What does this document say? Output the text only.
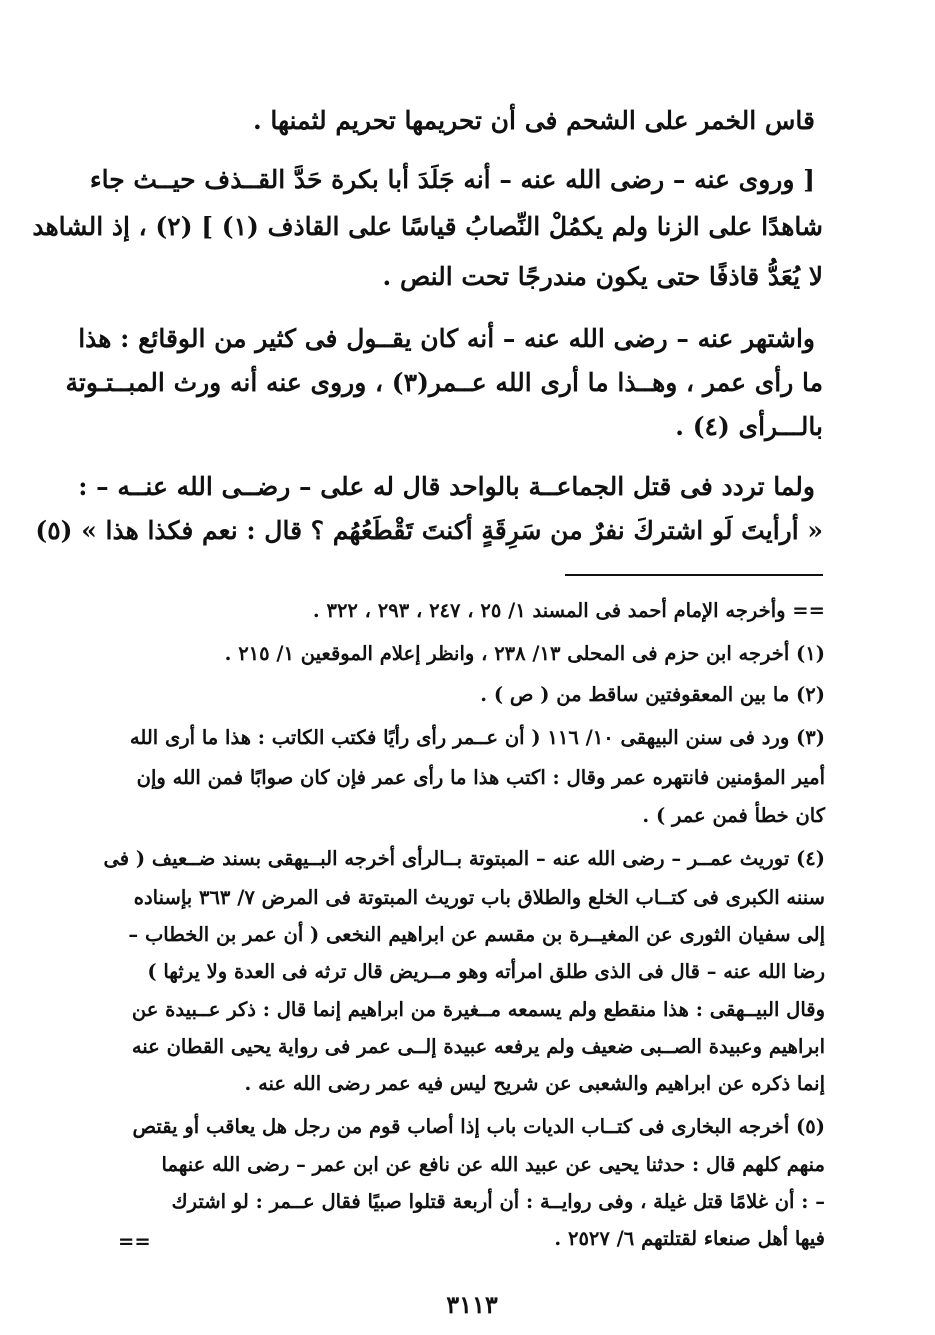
قاس الخمر على الشحم فى أن تحريمها تحريم لثمنها .
[ وروى عنه – رضى الله عنه – أنه جَلَدَ أبا بكرة حَدَّ القــذف حيــث جاء
شاهدًا على الزنا ولم يكمُلْ النِّصابُ قياسًا على القاذف (١) ] (٢) ، إذ الشاهد
لا يُعَدُّ قاذفًا حتى يكون مندرجًا تحت النص .
واشتهر عنه – رضى الله عنه – أنه كان يقــول فى كثير من الوقائع : هذا
ما رأى عمر ، وهــذا ما أرى الله عــمر(٣) ، وروى عنه أنه ورث المبــتـوتة
بالـــرأى (٤) .
ولما تردد فى قتل الجماعــة بالواحد قال له على – رضــى الله عنــه – :
« أرأيتَ لَو اشتركَ نفرٌ من سَرِقَةٍ أكنتَ تَقْطَعُهُم ؟ قال : نعم فكذا هذا » (٥)
== وأخرجه الإمام أحمد فى المسند ١/ ٢٥ ، ٢٤٧ ، ٢٩٣ ، ٣٢٢ .
(١) أخرجه ابن حزم فى المحلى ١٣/ ٢٣٨ ، وانظر إعلام الموقعين ١/ ٢١٥ .
(٢) ما بين المعقوفتين ساقط من ( ص ) .
(٣) ورد فى سنن البيهقى ١٠/ ١١٦ ( أن عــمر رأى رأيًا فكتب الكاتب : هذا ما أرى الله
أمير المؤمنين فانتهره عمر وقال : اكتب هذا ما رأى عمر فإن كان صوابًا فمن الله وإن
كان خطأ فمن عمر ) .
(٤) توريث عمــر – رضى الله عنه – المبتوتة بــالرأى أخرجه البــيهقى بسند ضــعيف ( فى
سننه الكبرى فى كتــاب الخلع والطلاق باب توريث المبتوتة فى المرض ٧/ ٣٦٣ بإسناده
إلى سفيان الثورى عن المغيــرة بن مقسم عن ابراهيم النخعى ( أن عمر بن الخطاب –
رضا الله عنه – قال فى الذى طلق امرأته وهو مــريض قال ترثه فى العدة ولا يرثها )
وقال البيــهقى : هذا منقطع ولم يسمعه مــغيرة من ابراهيم إنما قال : ذكر عــبيدة عن
ابراهيم وعبيدة الصــبى ضعيف ولم يرفعه عبيدة إلــى عمر فى رواية يحيى القطان عنه
إنما ذكره عن ابراهيم والشعبى عن شريح ليس فيه عمر رضى الله عنه .
(٥) أخرجه البخارى فى كتــاب الديات باب إذا أصاب قوم من رجل هل يعاقب أو يقتص
منهم كلهم قال : حدثنا يحيى عن عبيد الله عن نافع عن ابن عمر – رضى الله عنهما
– : أن غلامًا قتل غيلة ، وفى روايــة : أن أربعة قتلوا صبيًا فقال عــمر : لو اشترك
فيها أهل صنعاء لقتلتهم ٦/ ٢٥٢٧ .
==
٣١١٣
